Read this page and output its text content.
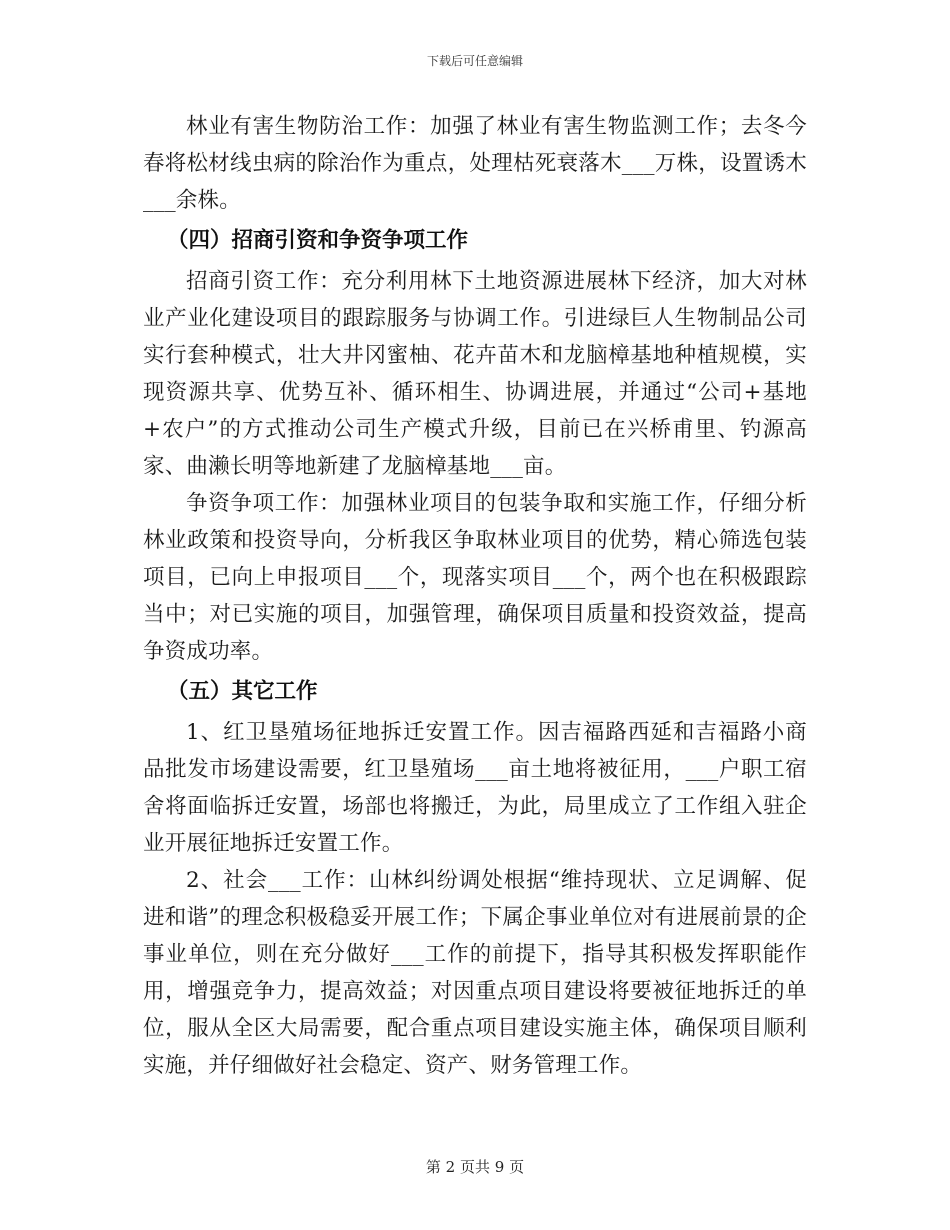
下载后可任意编辑

林业有害生物防治工作：加强了林业有害生物监测工作；去冬今春将松材线虫病的除治作为重点，处理枯死衰落木___万株，设置诱木___余株。

（四）招商引资和争资争项工作

招商引资工作：充分利用林下土地资源进展林下经济，加大对林业产业化建设项目的跟踪服务与协调工作。引进绿巨人生物制品公司实行套种模式，壮大井冈蜜柚、花卉苗木和龙脑樟基地种植规模，实现资源共享、优势互补、循环相生、协调进展，并通过“公司+基地+农户”的方式推动公司生产模式升级，目前已在兴桥甫里、钓源高家、曲濑长明等地新建了龙脑樟基地___亩。

争资争项工作：加强林业项目的包装争取和实施工作，仔细分析林业政策和投资导向，分析我区争取林业项目的优势，精心筛选包装项目，已向上申报项目___个，现落实项目___个，两个也在积极跟踪当中；对已实施的项目，加强管理，确保项目质量和投资效益，提高争资成功率。

（五）其它工作

1、红卫垦殖场征地拆迁安置工作。因吉福路西延和吉福路小商品批发市场建设需要，红卫垦殖场___亩土地将被征用，___户职工宿舍将面临拆迁安置，场部也将搬迁，为此，局里成立了工作组入驻企业开展征地拆迁安置工作。

2、社会___工作：山林纠纷调处根据“维持现状、立足调解、促进和谐”的理念积极稳妥开展工作；下属企事业单位对有进展前景的企事业单位，则在充分做好___工作的前提下，指导其积极发挥职能作用，增强竞争力，提高效益；对因重点项目建设将要被征地拆迁的单位，服从全区大局需要，配合重点项目建设实施主体，确保项目顺利实施，并仔细做好社会稳定、资产、财务管理工作。

第 2 页共 9 页
